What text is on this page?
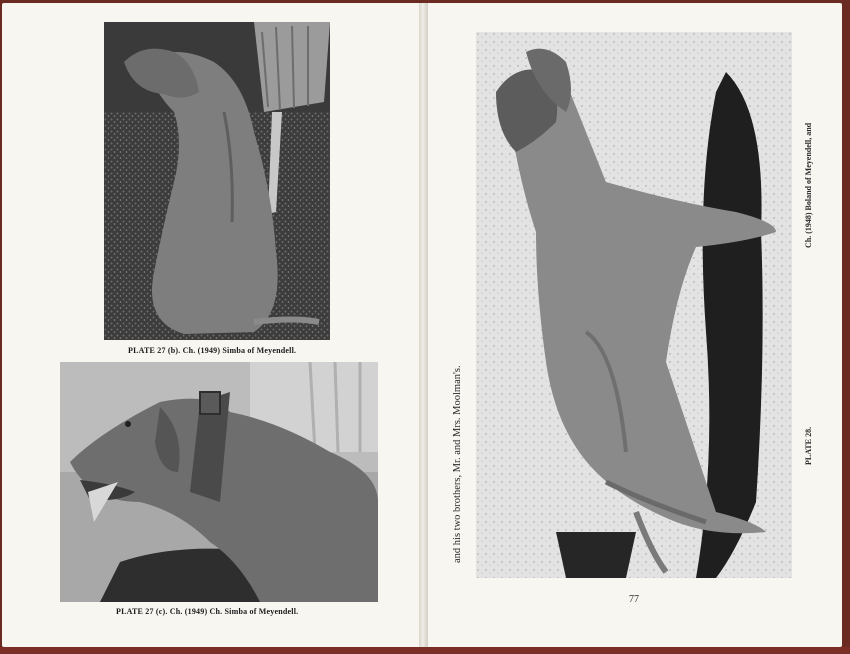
PLATE 27 (b). Ch. (1949) Simba of Meyendell.
PLATE 27 (c). Ch. (1949) Ch. Simba of Meyendell.
and his two brothers, Mr. and Mrs. Moolman's.	PLATE 28.
Ch. (1948) Boland of Meyendell, and
77
